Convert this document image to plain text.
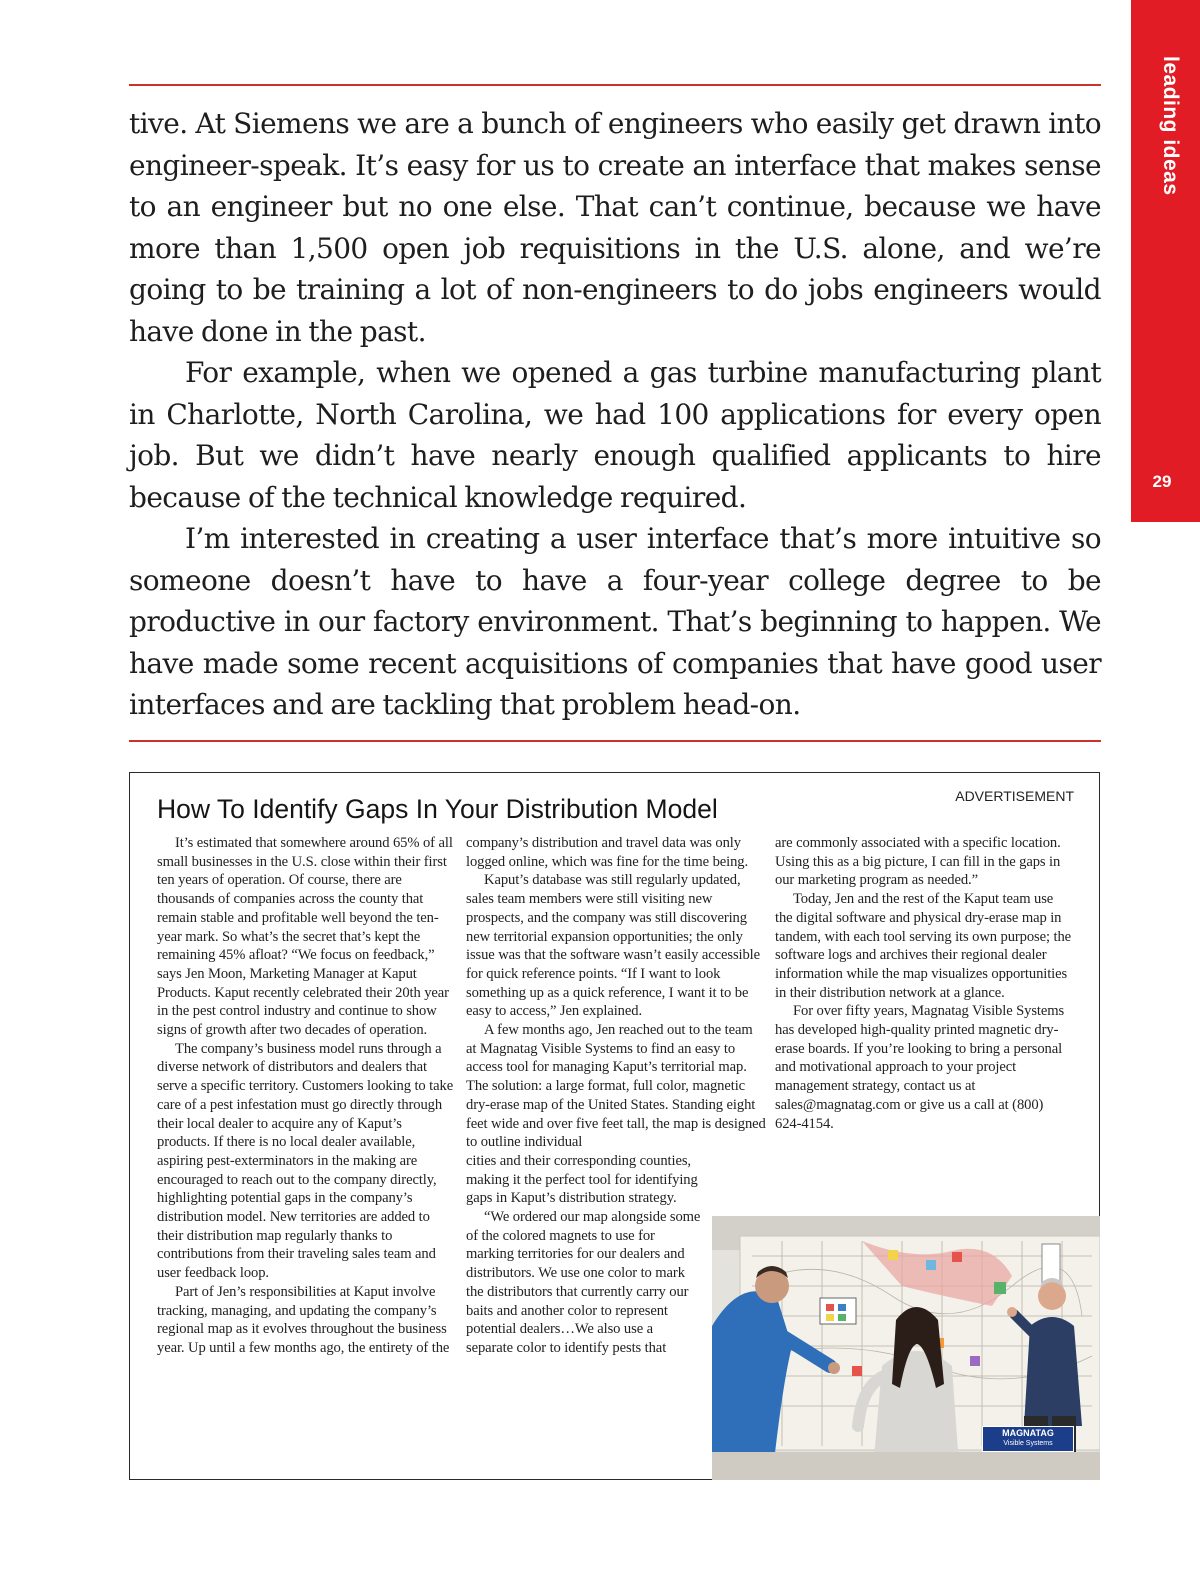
leading ideas
29

tive. At Siemens we are a bunch of engineers who easily get drawn into engineer-speak. It’s easy for us to create an interface that makes sense to an engineer but no one else. That can’t continue, because we have more than 1,500 open job requisitions in the U.S. alone, and we’re going to be training a lot of non-engineers to do jobs engineers would have done in the past.

For example, when we opened a gas turbine manufacturing plant in Charlotte, North Carolina, we had 100 applications for every open job. But we didn’t have nearly enough qualified applicants to hire because of the technical knowledge required.

I’m interested in creating a user interface that’s more intuitive so someone doesn’t have to have a four-year college degree to be productive in our factory environment. That’s beginning to happen. We have made some recent acquisitions of companies that have good user interfaces and are tackling that problem head-on.

ADVERTISEMENT
How To Identify Gaps In Your Distribution Model

It’s estimated that somewhere around 65% of all small businesses in the U.S. close within their first ten years of operation. Of course, there are thousands of companies across the county that remain stable and profitable well beyond the ten-year mark. So what’s the secret that’s kept the remaining 45% afloat? “We focus on feedback,” says Jen Moon, Marketing Manager at Kaput Products. Kaput recently celebrated their 20th year in the pest control industry and continue to show signs of growth after two decades of operation.

The company’s business model runs through a diverse network of distributors and dealers that serve a specific territory. Customers looking to take care of a pest infestation must go directly through their local dealer to acquire any of Kaput’s products. If there is no local dealer available, aspiring pest-exterminators in the making are encouraged to reach out to the company directly, highlighting potential gaps in the company’s distribution model. New territories are added to their distribution map regularly thanks to contributions from their traveling sales team and user feedback loop.

Part of Jen’s responsibilities at Kaput involve tracking, managing, and updating the company’s regional map as it evolves throughout the business year. Up until a few months ago, the entirety of the

company’s distribution and travel data was only logged online, which was fine for the time being.

Kaput’s database was still regularly updated, sales team members were still visiting new prospects, and the company was still discovering new territorial expansion opportunities; the only issue was that the software wasn’t easily accessible for quick reference points. “If I want to look something up as a quick reference, I want it to be easy to access,” Jen explained.

A few months ago, Jen reached out to the team at Magnatag Visible Systems to find an easy to access tool for managing Kaput’s territorial map. The solution: a large format, full color, magnetic dry-erase map of the United States. Standing eight feet wide and over five feet tall, the map is designed to outline individual

cities and their corresponding counties, making it the perfect tool for identifying gaps in Kaput’s distribution strategy.

“We ordered our map alongside some of the colored magnets to use for marking territories for our dealers and distributors. We use one color to mark the distributors that currently carry our baits and another color to represent potential dealers…We also use a separate color to identify pests that

are commonly associated with a specific location. Using this as a big picture, I can fill in the gaps in our marketing program as needed.”

Today, Jen and the rest of the Kaput team use the digital software and physical dry-erase map in tandem, with each tool serving its own purpose; the software logs and archives their regional dealer information while the map visualizes opportunities in their distribution network at a glance.

For over fifty years, Magnatag Visible Systems has developed high-quality printed magnetic dry-erase boards. If you’re looking to bring a personal and motivational approach to your project management strategy, contact us at sales@magnatag.com or give us a call at (800) 624-4154.

MAGNATAG
Visible Systems
